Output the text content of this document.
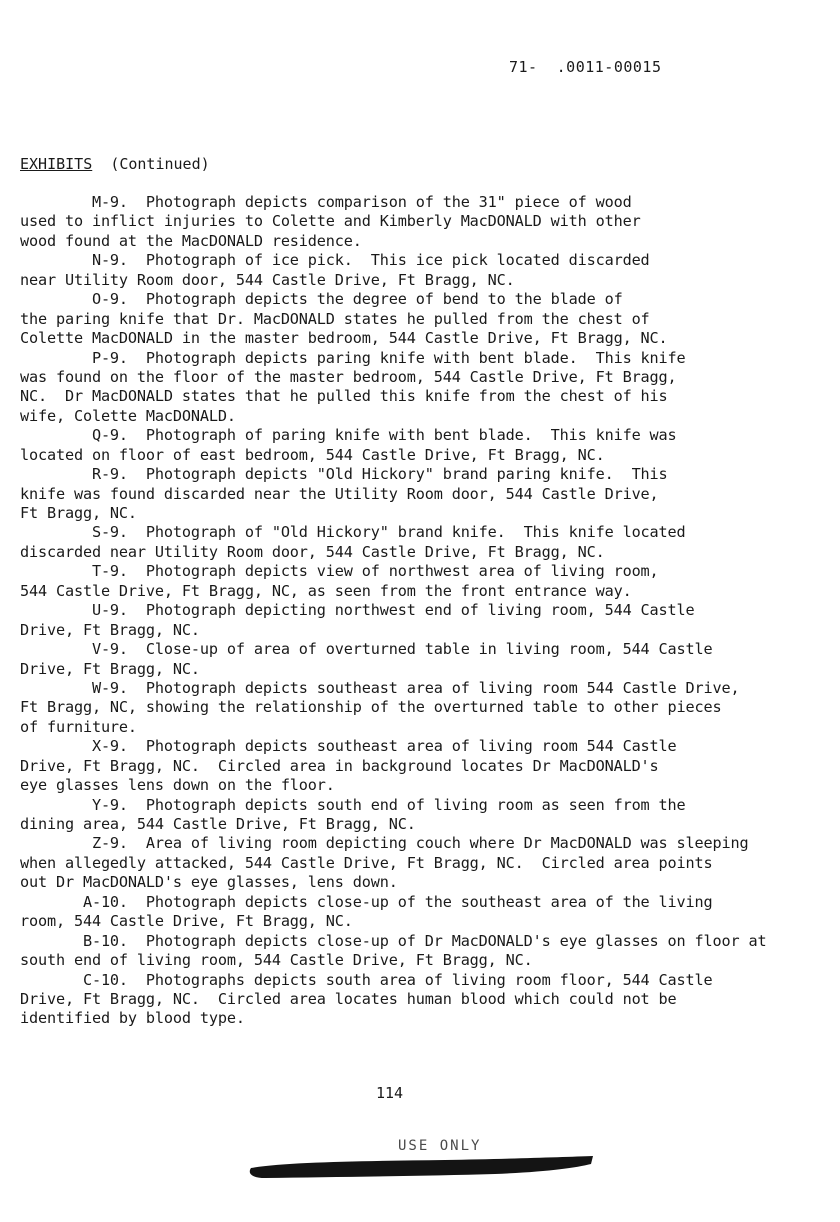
71-  .0011-00015
EXHIBITS (Continued)
M-9.  Photograph depicts comparison of the 31" piece of wood
used to inflict injuries to Colette and Kimberly MacDONALD with other
wood found at the MacDONALD residence.
N-9.  Photograph of ice pick.  This ice pick located discarded
near Utility Room door, 544 Castle Drive, Ft Bragg, NC.
O-9.  Photograph depicts the degree of bend to the blade of
the paring knife that Dr. MacDONALD states he pulled from the chest of
Colette MacDONALD in the master bedroom, 544 Castle Drive, Ft Bragg, NC.
P-9.  Photograph depicts paring knife with bent blade.  This knife
was found on the floor of the master bedroom, 544 Castle Drive, Ft Bragg,
NC.  Dr MacDONALD states that he pulled this knife from the chest of his
wife, Colette MacDONALD.
Q-9.  Photograph of paring knife with bent blade.  This knife was
located on floor of east bedroom, 544 Castle Drive, Ft Bragg, NC.
R-9.  Photograph depicts "Old Hickory" brand paring knife.  This
knife was found discarded near the Utility Room door, 544 Castle Drive,
Ft Bragg, NC.
S-9.  Photograph of "Old Hickory" brand knife.  This knife located
discarded near Utility Room door, 544 Castle Drive, Ft Bragg, NC.
T-9.  Photograph depicts view of northwest area of living room,
544 Castle Drive, Ft Bragg, NC, as seen from the front entrance way.
U-9.  Photograph depicting northwest end of living room, 544 Castle
Drive, Ft Bragg, NC.
V-9.  Close-up of area of overturned table in living room, 544 Castle
Drive, Ft Bragg, NC.
W-9.  Photograph depicts southeast area of living room 544 Castle Drive,
Ft Bragg, NC, showing the relationship of the overturned table to other pieces
of furniture.
X-9.  Photograph depicts southeast area of living room 544 Castle
Drive, Ft Bragg, NC.  Circled area in background locates Dr MacDONALD's
eye glasses lens down on the floor.
Y-9.  Photograph depicts south end of living room as seen from the
dining area, 544 Castle Drive, Ft Bragg, NC.
Z-9.  Area of living room depicting couch where Dr MacDONALD was sleeping
when allegedly attacked, 544 Castle Drive, Ft Bragg, NC.  Circled area points
out Dr MacDONALD's eye glasses, lens down.
A-10.  Photograph depicts close-up of the southeast area of the living
room, 544 Castle Drive, Ft Bragg, NC.
B-10.  Photograph depicts close-up of Dr MacDONALD's eye glasses on floor at
south end of living room, 544 Castle Drive, Ft Bragg, NC.
C-10.  Photographs depicts south area of living room floor, 544 Castle
Drive, Ft Bragg, NC.  Circled area locates human blood which could not be
identified by blood type.
114
USE ONLY
